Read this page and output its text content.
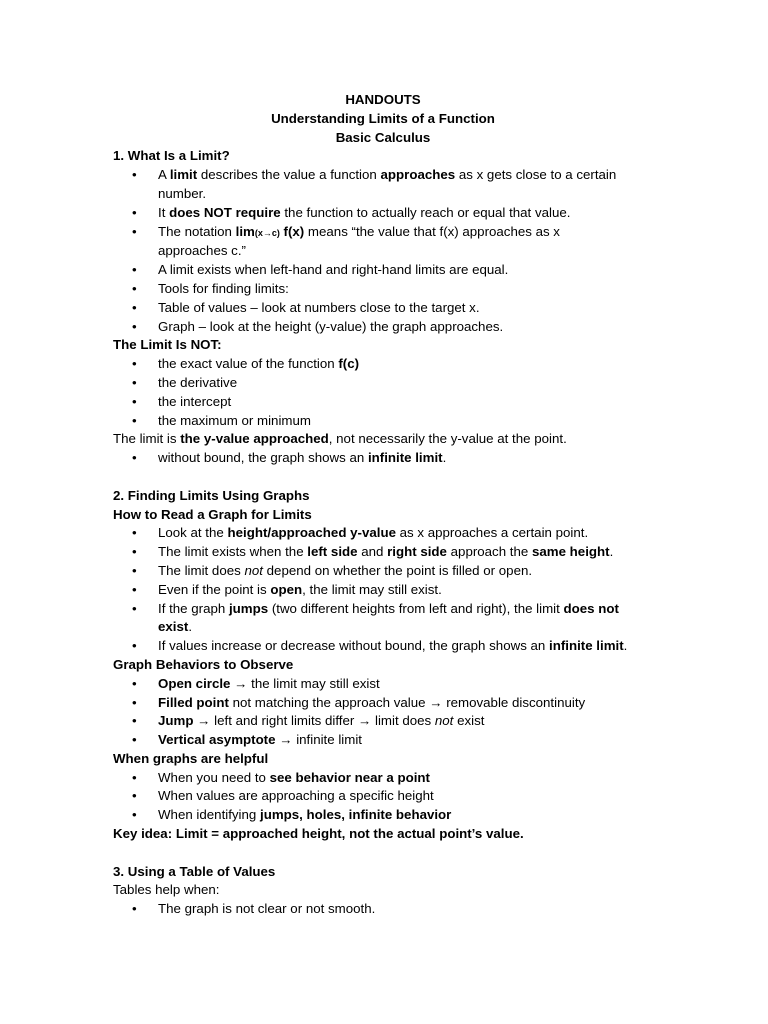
HANDOUTS

Understanding Limits of a Function

Basic Calculus

1. What Is a Limit?

• A limit describes the value a function approaches as x gets close to a certain
number.
• It does NOT require the function to actually reach or equal that value.
• The notation lim(x→c) f(x) means “the value that f(x) approaches as x
approaches c.”
• A limit exists when left-hand and right-hand limits are equal.
• Tools for finding limits:
• Table of values – look at numbers close to the target x.
• Graph – look at the height (y-value) the graph approaches.

The Limit Is NOT:

• the exact value of the function f(c)
• the derivative
• the intercept
• the maximum or minimum

The limit is the y-value approached, not necessarily the y-value at the point.

• without bound, the graph shows an infinite limit.

2. Finding Limits Using Graphs

How to Read a Graph for Limits

• Look at the height/approached y-value as x approaches a certain point.
• The limit exists when the left side and right side approach the same height.
• The limit does not depend on whether the point is filled or open.
• Even if the point is open, the limit may still exist.
• If the graph jumps (two different heights from left and right), the limit does not
exist.
• If values increase or decrease without bound, the graph shows an infinite limit.

Graph Behaviors to Observe

• Open circle → the limit may still exist
• Filled point not matching the approach value → removable discontinuity
• Jump → left and right limits differ → limit does not exist
• Vertical asymptote → infinite limit

When graphs are helpful

• When you need to see behavior near a point
• When values are approaching a specific height
• When identifying jumps, holes, infinite behavior

Key idea: Limit = approached height, not the actual point’s value.

3. Using a Table of Values

Tables help when:

• The graph is not clear or not smooth.
